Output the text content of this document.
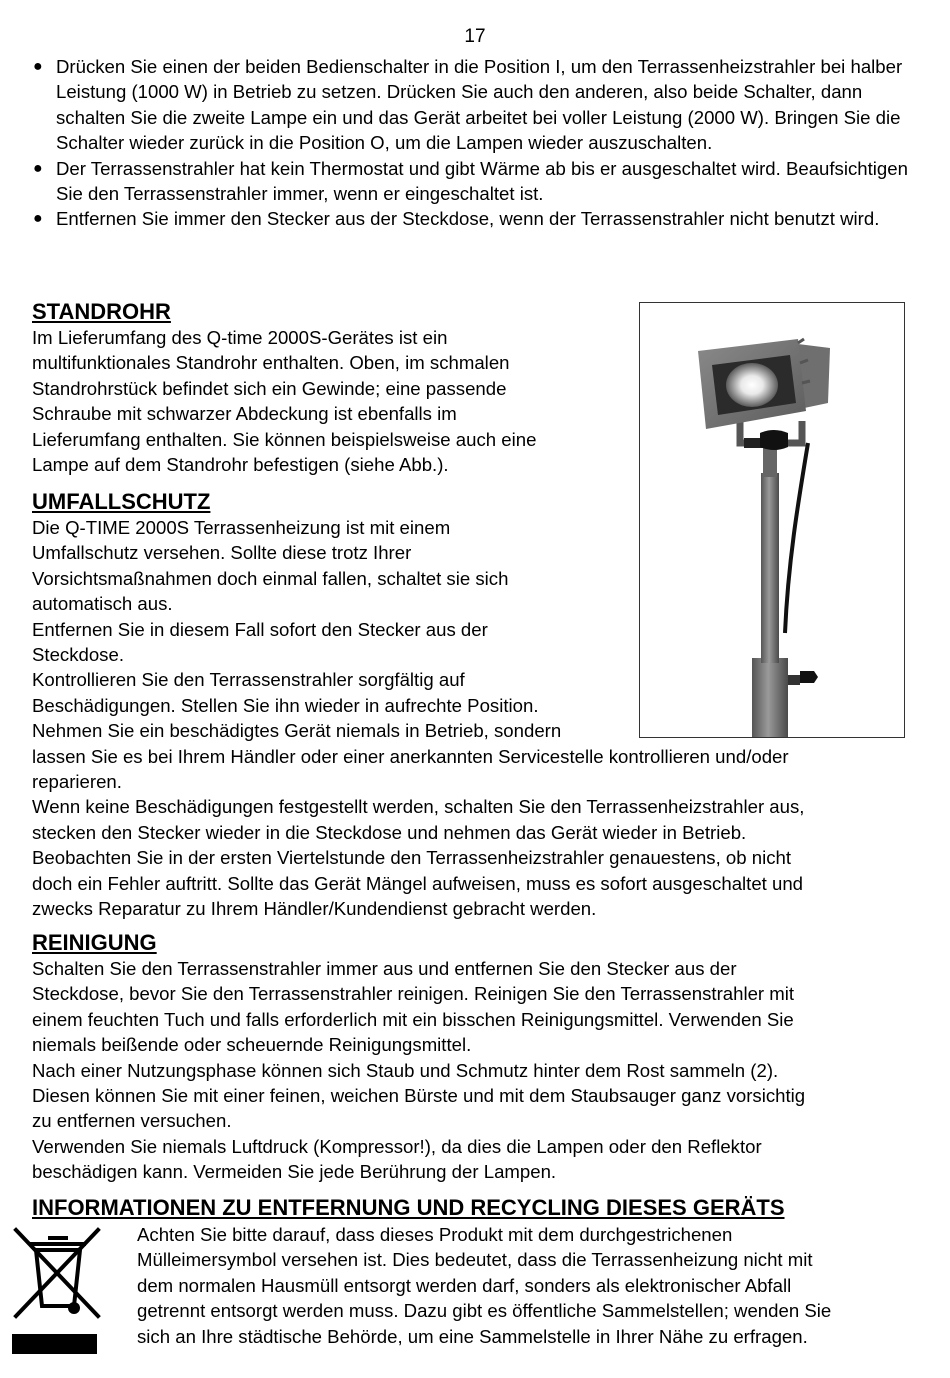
17
● Drücken Sie einen der beiden Bedienschalter in die Position I, um den Terrassenheizstrahler bei halber Leistung (1000 W) in Betrieb zu setzen. Drücken Sie auch den anderen, also beide Schalter, dann schalten Sie die zweite Lampe ein und das Gerät arbeitet bei voller Leistung (2000 W). Bringen Sie die Schalter wieder zurück in die Position O, um die Lampen wieder auszuschalten.
● Der Terrassenstrahler hat kein Thermostat und gibt Wärme ab bis er ausgeschaltet wird. Beaufsichtigen Sie den Terrassenstrahler immer, wenn er eingeschaltet ist.
● Entfernen Sie immer den Stecker aus der Steckdose, wenn der Terrassenstrahler nicht benutzt wird.
STANDROHR
Im Lieferumfang des Q-time 2000S-Gerätes ist ein
multifunktionales Standrohr enthalten. Oben, im schmalen
Standrohrstück befindet sich ein Gewinde; eine passende
Schraube mit schwarzer Abdeckung ist ebenfalls im
Lieferumfang enthalten. Sie können beispielsweise auch eine
Lampe auf dem Standrohr befestigen (siehe Abb.).
UMFALLSCHUTZ
Die Q-TIME 2000S Terrassenheizung ist mit einem
Umfallschutz versehen. Sollte diese trotz Ihrer
Vorsichtsmaßnahmen doch einmal fallen, schaltet sie sich
automatisch aus.
Entfernen Sie in diesem Fall sofort den Stecker aus der
Steckdose.
Kontrollieren Sie den Terrassenstrahler sorgfältig auf
Beschädigungen. Stellen Sie ihn wieder in aufrechte Position.
Nehmen Sie ein beschädigtes Gerät niemals in Betrieb, sondern
lassen Sie es bei Ihrem Händler oder einer anerkannten Servicestelle kontrollieren und/oder
reparieren.
Wenn keine Beschädigungen festgestellt werden, schalten Sie den Terrassenheizstrahler aus,
stecken den Stecker wieder in die Steckdose und nehmen das Gerät wieder in Betrieb.
Beobachten Sie in der ersten Viertelstunde den Terrassenheizstrahler genauestens, ob nicht
doch ein Fehler auftritt. Sollte das Gerät Mängel aufweisen, muss es sofort ausgeschaltet und
zwecks Reparatur zu Ihrem Händler/Kundendienst gebracht werden.
REINIGUNG
Schalten Sie den Terrassenstrahler immer aus und entfernen Sie den Stecker aus der
Steckdose, bevor Sie den Terrassenstrahler reinigen. Reinigen Sie den Terrassenstrahler mit
einem feuchten Tuch und falls erforderlich mit ein bisschen Reinigungsmittel. Verwenden Sie
niemals beißende oder scheuernde Reinigungsmittel.
Nach einer Nutzungsphase können sich Staub und Schmutz hinter dem Rost sammeln (2).
Diesen können Sie mit einer feinen, weichen Bürste und mit dem Staubsauger ganz vorsichtig
zu entfernen versuchen.
Verwenden Sie niemals Luftdruck (Kompressor!), da dies die Lampen oder den Reflektor
beschädigen kann. Vermeiden Sie jede Berührung der Lampen.
INFORMATIONEN ZU ENTFERNUNG UND RECYCLING DIESES GERÄTS
Achten Sie bitte darauf, dass dieses Produkt mit dem durchgestrichenen
Mülleimersymbol versehen ist. Dies bedeutet, dass die Terrassenheizung nicht mit
dem normalen Hausmüll entsorgt werden darf, sonders als elektronischer Abfall
getrennt entsorgt werden muss. Dazu gibt es öffentliche Sammelstellen; wenden Sie
sich an Ihre städtische Behörde, um eine Sammelstelle in Ihrer Nähe zu erfragen.
